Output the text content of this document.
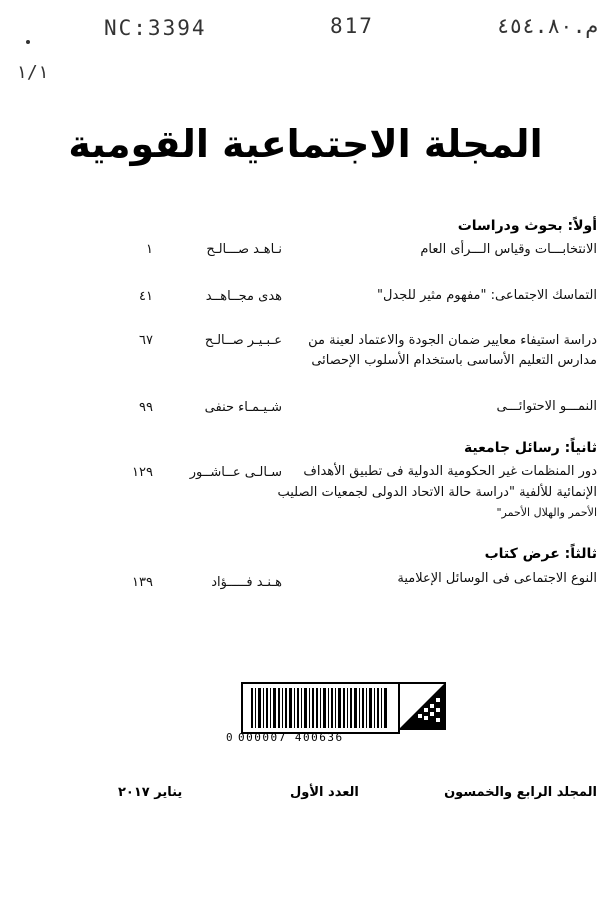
NC:3394	817	م.٤٥٤.٨٠
١/١
المجلة الاجتماعية القومية
أولاً: بحوث ودراسات
الانتخابـــات وقياس الـــرأى العام
نـاهـد صـــالـح
١
التماسك الاجتماعى: "مفهوم مثير للجدل"
هدى مجــاهــد
٤١
دراسة استيفاء معايير ضمان الجودة والاعتماد لعينة من
مدارس التعليم الأساسى باستخدام الأسلوب الإحصائى
عـبـيـر صــالـح
٦٧
النمـــو الاحتوائـــى
شـيـمـاء حنفى
٩٩
ثانياً: رسائل جامعية
دور المنظمات غير الحكومية الدولية فى تطبيق الأهداف
الإنمائية للألفية "دراسة حالة الاتحاد الدولى لجمعيات الصليب
الأحمر والهلال الأحمر"
سـالـى عــاشــور
١٢٩
ثالثاً: عرض كتاب
النوع الاجتماعى فى الوسائل الإعلامية
هـنـد فـــــؤاد
١٣٩
0 000007 400636
المجلد الرابع والخمسون
العدد الأول
يناير ٢٠١٧
